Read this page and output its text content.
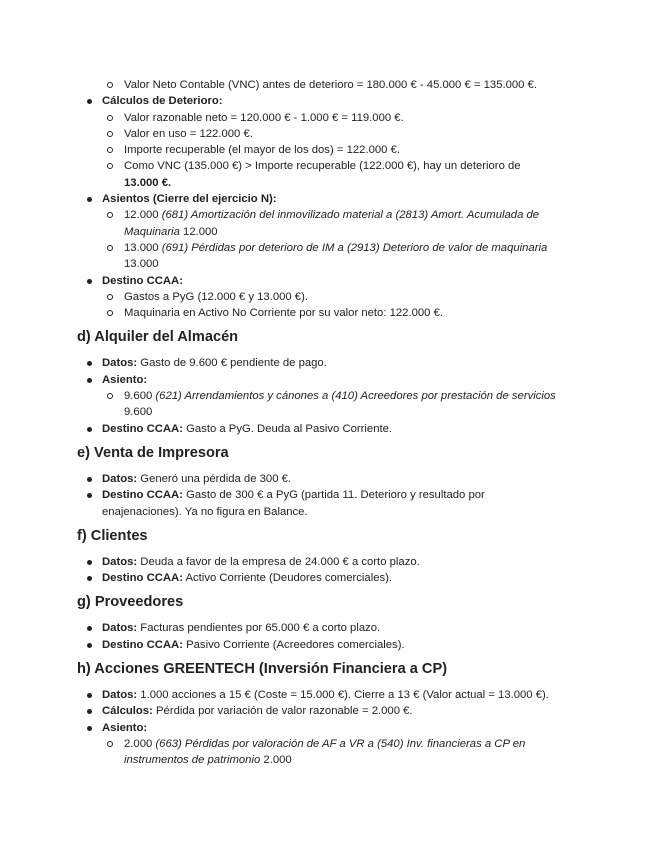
Valor Neto Contable (VNC) antes de deterioro = 180.000 € - 45.000 € = 135.000 €.
Cálculos de Deterioro:
Valor razonable neto = 120.000 € - 1.000 € = 119.000 €.
Valor en uso = 122.000 €.
Importe recuperable (el mayor de los dos) = 122.000 €.
Como VNC (135.000 €) > Importe recuperable (122.000 €), hay un deterioro de
13.000 €.
Asientos (Cierre del ejercicio N):
12.000 (681) Amortización del inmovilizado material a (2813) Amort. Acumulada de
Maquinaria 12.000
13.000 (691) Pérdidas por deterioro de IM a (2913) Deterioro de valor de maquinaria
13.000
Destino CCAA:
Gastos a PyG (12.000 € y 13.000 €).
Maquinaria en Activo No Corriente por su valor neto: 122.000 €.
d) Alquiler del Almacén
Datos: Gasto de 9.600 € pendiente de pago.
Asiento:
9.600 (621) Arrendamientos y cánones a (410) Acreedores por prestación de servicios
9.600
Destino CCAA: Gasto a PyG. Deuda al Pasivo Corriente.
e) Venta de Impresora
Datos: Generó una pérdida de 300 €.
Destino CCAA: Gasto de 300 € a PyG (partida 11. Deterioro y resultado por
enajenaciones). Ya no figura en Balance.
f) Clientes
Datos: Deuda a favor de la empresa de 24.000 € a corto plazo.
Destino CCAA: Activo Corriente (Deudores comerciales).
g) Proveedores
Datos: Facturas pendientes por 65.000 € a corto plazo.
Destino CCAA: Pasivo Corriente (Acreedores comerciales).
h) Acciones GREENTECH (Inversión Financiera a CP)
Datos: 1.000 acciones a 15 € (Coste = 15.000 €). Cierre a 13 € (Valor actual = 13.000 €).
Cálculos: Pérdida por variación de valor razonable = 2.000 €.
Asiento:
2.000 (663) Pérdidas por valoración de AF a VR a (540) Inv. financieras a CP en
instrumentos de patrimonio 2.000
